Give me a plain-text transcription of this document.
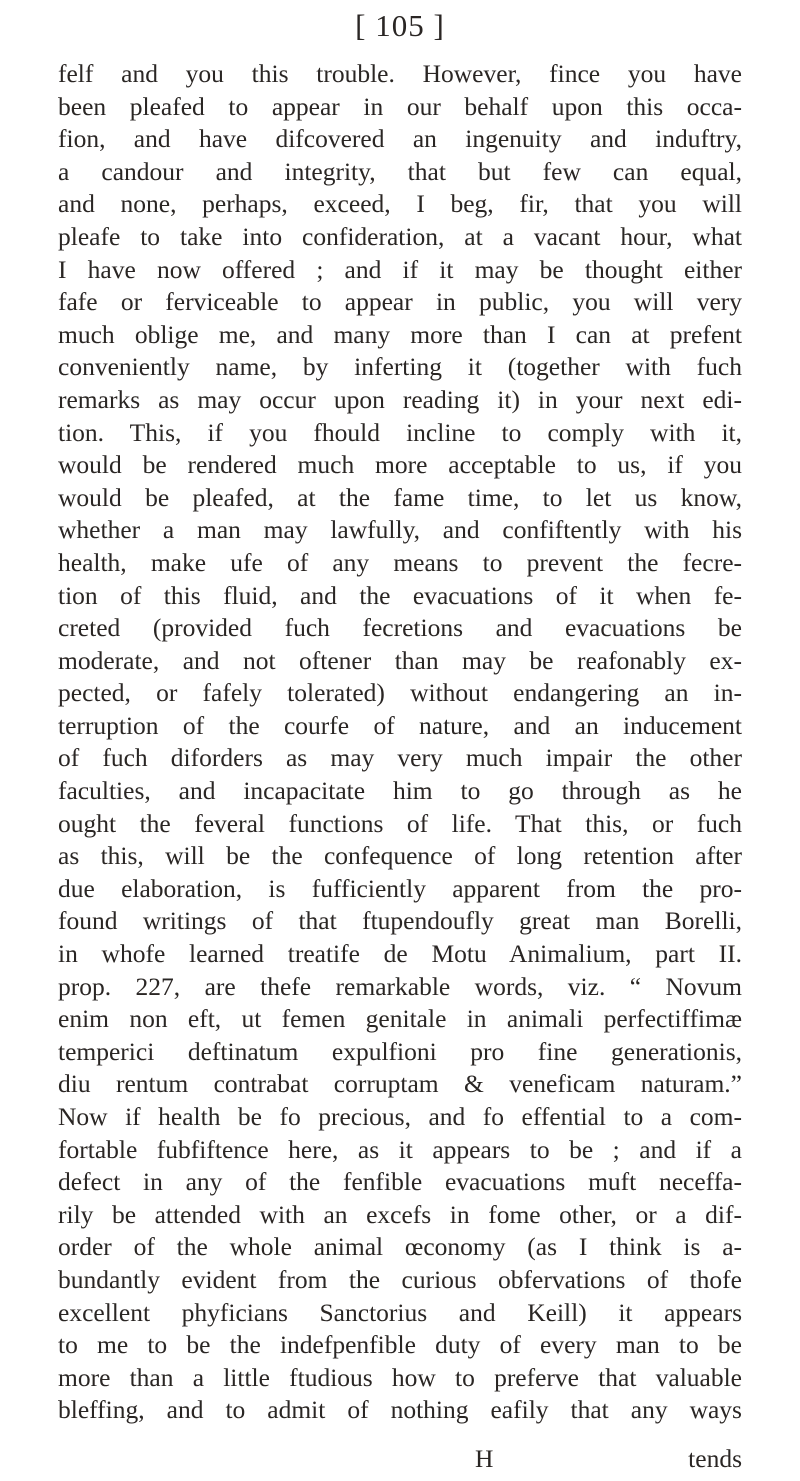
[ 105 ]
felf and you this trouble. However, fince you have
been pleafed to appear in our behalf upon this occa-
fion, and have difcovered an ingenuity and induftry,
a candour and integrity, that but few can equal,
and none, perhaps, exceed, I beg, fir, that you will
pleafe to take into confideration, at a vacant hour, what
I have now offered ; and if it may be thought either
fafe or ferviceable to appear in public, you will very
much oblige me, and many more than I can at prefent
conveniently name, by inferting it (together with fuch
remarks as may occur upon reading it) in your next edi-
tion. This, if you fhould incline to comply with it,
would be rendered much more acceptable to us, if you
would be pleafed, at the fame time, to let us know,
whether a man may lawfully, and confiftently with his
health, make ufe of any means to prevent the fecre-
tion of this fluid, and the evacuations of it when fe-
creted (provided fuch fecretions and evacuations be
moderate, and not oftener than may be reafonably ex-
pected, or fafely tolerated) without endangering an in-
terruption of the courfe of nature, and an inducement
of fuch diforders as may very much impair the other
faculties, and incapacitate him to go through as he
ought the feveral functions of life. That this, or fuch
as this, will be the confequence of long retention after
due elaboration, is fufficiently apparent from the pro-
found writings of that ftupendoufly great man Borelli,
in whofe learned treatife de Motu Animalium, part II.
prop. 227, are thefe remarkable words, viz. “ Novum
enim non eft, ut femen genitale in animali perfectiffimæ
temperici deftinatum expulfioni pro fine generationis,
diu rentum contrabat corruptam & veneficam naturam.”
Now if health be fo precious, and fo effential to a com-
fortable fubfiftence here, as it appears to be ; and if a
defect in any of the fenfible evacuations muft neceffa-
rily be attended with an excefs in fome other, or a dif-
order of the whole animal œconomy (as I think is a-
bundantly evident from the curious obfervations of thofe
excellent phyficians Sanctorius and Keill) it appears
to me to be the indefpenfible duty of every man to be
more than a little ftudious how to preferve that valuable
bleffing, and to admit of nothing eafily that any ways
H	tends
